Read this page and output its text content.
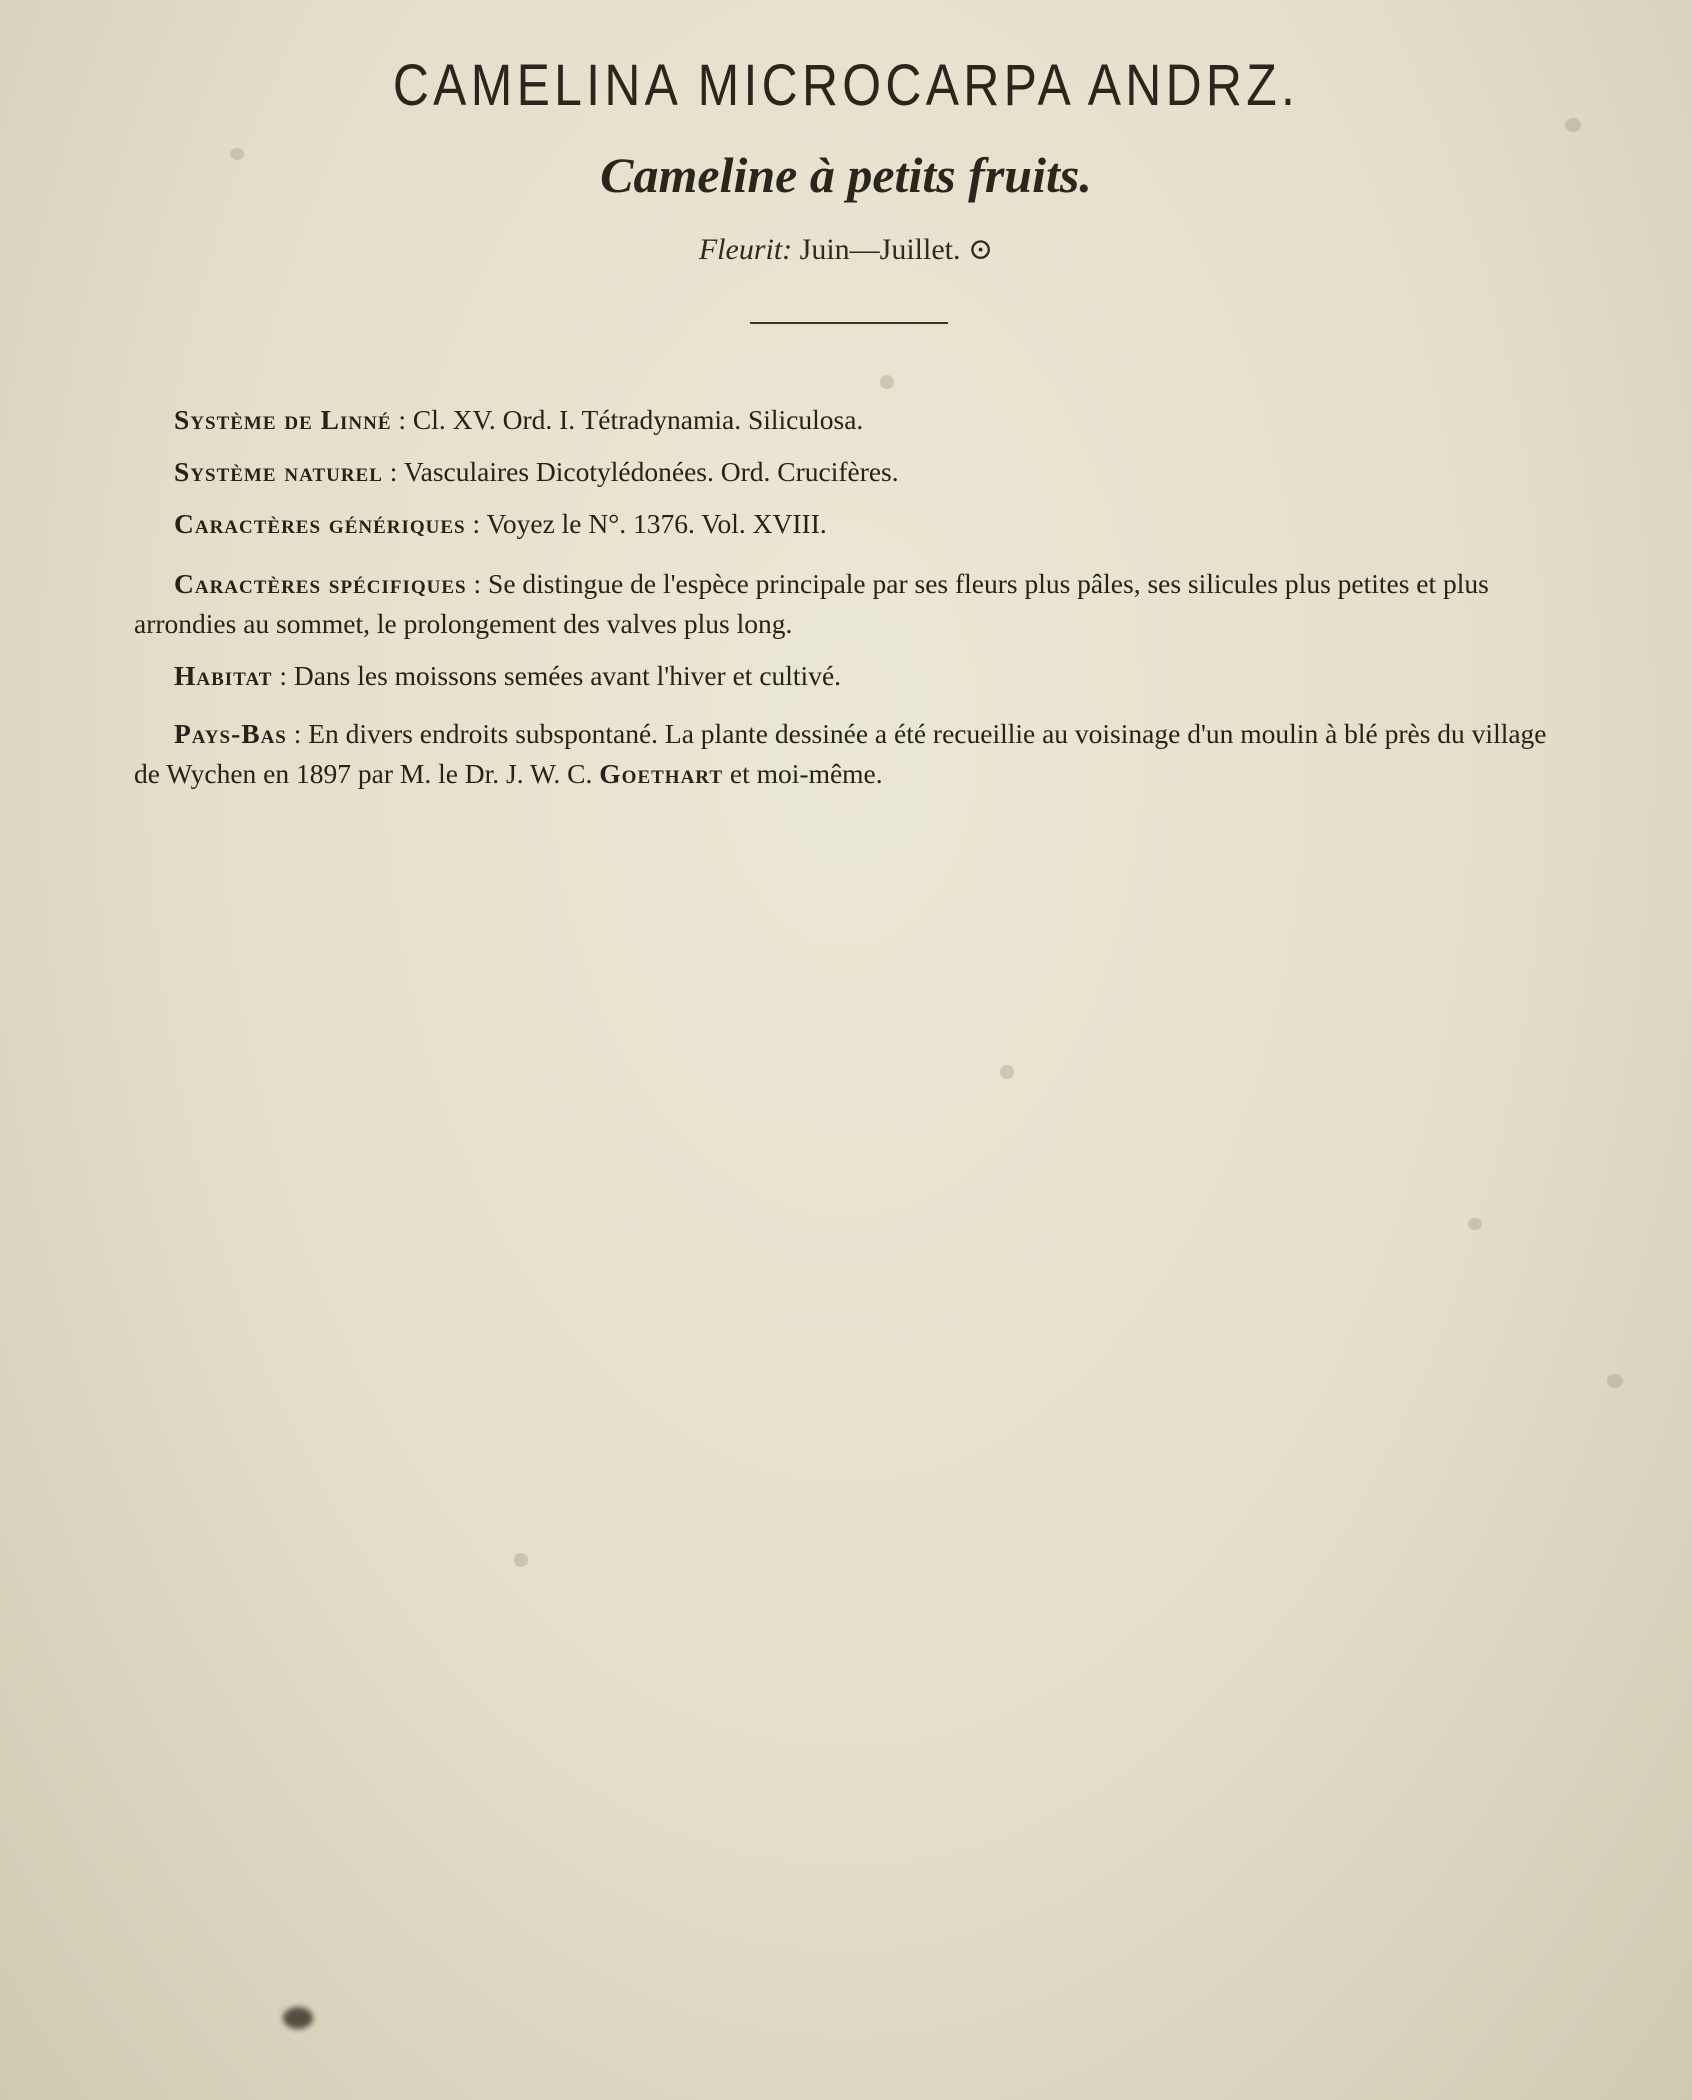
CAMELINA MICROCARPA ANDRZ.
Cameline à petits fruits.
Fleurit: Juin—Juillet. ⊙
Système de Linné : Cl. XV. Ord. I. Tétradynamia. Siliculosa.
Système naturel : Vasculaires Dicotylédonées. Ord. Crucifères.
Caractères génériques : Voyez le N°. 1376. Vol. XVIII.
Caractères spécifiques : Se distingue de l'espèce principale par ses fleurs plus pâles, ses silicules plus petites et plus arrondies au sommet, le prolongement des valves plus long.
Habitat : Dans les moissons semées avant l'hiver et cultivé.
Pays-Bas : En divers endroits subspontané. La plante dessinée a été recueillie au voisinage d'un moulin à blé près du village de Wychen en 1897 par M. le Dr. J. W. C. Goethart et moi-même.
